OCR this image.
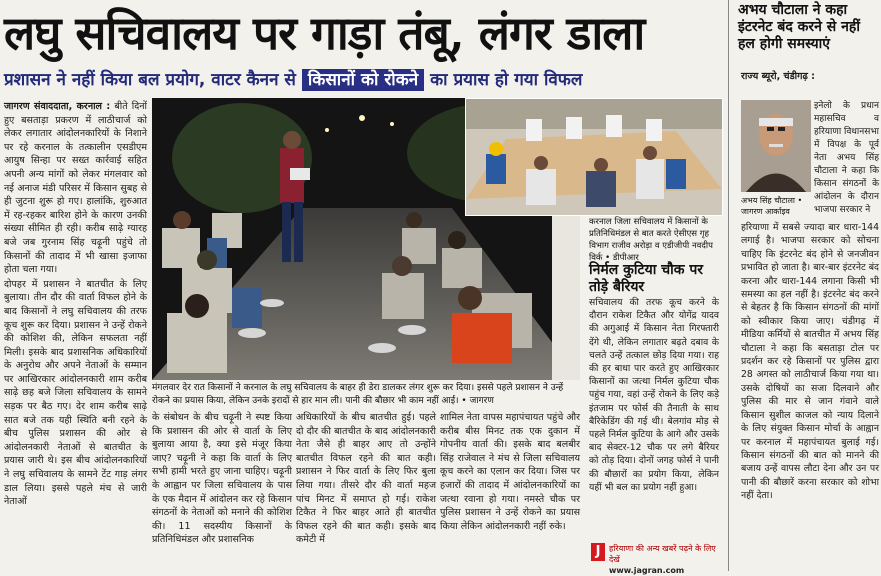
लघु सचिवालय पर गाड़ा तंबू, लंगर डाला
प्रशासन ने नहीं किया बल प्रयोग, वाटर कैनन से किसानों को रोकने का प्रयास हो गया विफल

जागरण संवाददाता, करनाल : बीते दिनों हुए बसताड़ा प्रकरण में लाठीचार्ज को लेकर लगातार आंदोलनकारियों के निशाने पर रहे करनाल के तत्कालीन एसडीएम आयुष सिन्हा पर सख्त कार्रवाई सहित अपनी अन्य मांगों को लेकर मंगलवार को नई अनाज मंडी परिसर में किसान सुबह से ही जुटना शुरू हो गए। हालांकि, शुरुआत में रह-रहकर बारिश होने के कारण उनकी संख्या सीमित ही रही। करीब साढ़े ग्यारह बजे जब गुरनाम सिंह चढ़ूनी पहुंचे तो किसानों की तादाद में भी खासा इजाफा होता चला गया।

दोपहर में प्रशासन ने बातचीत के लिए बुलाया। तीन दौर की वार्ता विफल होने के बाद किसानों ने लघु सचिवालय की तरफ कूच शुरू कर दिया। प्रशासन ने उन्हें रोकने की कोशिश की, लेकिन सफलता नहीं मिली। इसके बाद प्रशासनिक अधिकारियों के अनुरोध और अपने नेताओं के सम्मान पर आखिरकार आंदोलनकारी शाम करीब साढ़े छह बजे जिला सचिवालय के सामने सड़क पर बैठ गए। देर शाम करीब साढ़े सात बजे तक यही स्थिति बनी रहने के बीच पुलिस प्रशासन की ओर से आंदोलनकारी नेताओं से बातचीत के प्रयास जारी थे। इस बीच आंदोलनकारियों ने लघु सचिवालय के सामने टेंट गाड़ लंगर डाल लिया। इससे पहले मंच से जारी नेताओं

मंगलवार देर रात किसानों ने करनाल के लघु सचिवालय के बाहर ही डेरा डालकर लंगर शुरू कर दिया। इससे पहले प्रशासन ने उन्हें रोकने का प्रयास किया, लेकिन उनके इरादों से हार मान ली। पानी की बौछार भी काम नहीं आई। • जागरण
करनाल जिला सचिवालय में किसानों के प्रतिनिधिमंडल से बात करते ऐसीएस गृह विभाग राजीव अरोड़ा व एडीजीपी नवदीप विर्क • डीपीआर
के संबोधन के बीच चढ़ूनी ने स्पष्ट किया कि प्रशासन की ओर से वार्ता के लिए बुलाया आया है, क्या इसे मंजूर किया जाए? चढ़ूनी ने कहा कि वार्ता के लिए सभी हामी भरते हुए जाना चाहिए। चढ़ूनी के आह्वान पर जिला सचिवालय के पास के एक मैदान में आंदोलन कर रहे किसान संगठनों के नेताओं को मनाने की कोशिश की। 11 सदस्यीय किसानों के प्रतिनिधिमंडल और प्रशासनिक
अधिकारियों के बीच बातचीत हुई। पहले दो दौर की बातचीत के बाद आंदोलनकारी नेता जैसे ही बाहर आए तो उन्होंने बातचीत विफल रहने की बात कही। प्रशासन ने फिर वार्ता के लिए फिर बुला लिया गया। तीसरे दौर की वार्ता महज पांच मिनट में समाप्त हो गई। राकेश टिकैत ने फिर बाहर आते ही बातचीत विफल रहने की बात कही। इसके बाद कमेटी में
शामिल नेता वापस महापंचायत पहुंचे और करीब बीस मिनट तक एक दुकान में गोपनीय वार्ता की। इसके बाद बलबीर सिंह राजेवाल ने मंच से जिला सचिवालय कूच करने का एलान कर दिया। जिस पर हजारों की तादाद में आंदोलनकारियों का जत्था रवाना हो गया। नमस्ते चौक पर पुलिस प्रशासन ने उन्हें रोकने का प्रयास किया लेकिन आंदोलनकारी नहीं रुके।
निर्मल कुटिया चौक पर तोड़े बैरियर
सचिवालय की तरफ कूच करने के दौरान राकेश टिकैत और योगेंद्र यादव की अगुआई में किसान नेता गिरफ्तारी देंगे थी, लेकिन लगातार बढ़ते दबाव के चलते उन्हें तत्काल छोड़ दिया गया। राह की हर बाधा पार करते हुए आखिरकार किसानों का जत्था निर्मल कुटिया चौक पहुंच गया, वहां उन्हें रोकने के लिए कड़े इंतजाम पर फोर्स की तैनाती के साथ बैरिकेडिंग की गई थी। बेलगांव मोड़ से पहले निर्मल कुटिया के आगे और उसके बाद सेक्टर-12 चौक पर लगे बैरियर को तोड़ दिया। दोनों जगह फोर्स ने पानी की बौछारों का प्रयोग किया, लेकिन यहीं भी बल का प्रयोग नहीं हुआ।
J	हरियाणा की अन्य खबरें पढ़ने के लिए देखें
www.jagran.com
अभय चौटाला ने कहा इंटरनेट बंद करने से नहीं हल होगी समस्याएं
राज्य ब्यूरो, चंडीगढ़ :
इनेलो के प्रधान महासचिव व हरियाणा विधानसभा में विपक्ष के पूर्व नेता अभय सिंह चौटाला ने कहा कि किसान संगठनों के आंदोलन के दौरान भाजपा सरकार ने
अभय सिंह चौटाला • जागरण आर्काइव
हरियाणा में सबसे ज्यादा बार धारा-144 लगाई है। भाजपा सरकार को सोचना चाहिए कि इंटरनेट बंद होने से जनजीवन प्रभावित हो जाता है। बार-बार इंटरनेट बंद करना और धारा-144 लगाना किसी भी समस्या का हल नहीं है। इंटरनेट बंद करने से बेहतर है कि किसान संगठनों की मांगों को स्वीकार किया जाए। चंडीगढ़ में मीडिया कर्मियों से बातचीत में अभय सिंह चौटाला ने कहा कि बसताड़ा टोल पर प्रदर्शन कर रहे किसानों पर पुलिस द्वारा 28 अगस्त को लाठीचार्ज किया गया था। उसके दोषियों का सजा दिलवाने और पुलिस की मार से जान गंवाने वाले किसान सुशील काजल को न्याय दिलाने के लिए संयुक्त किसान मोर्चा के आह्वान पर करनाल में महापंचायत बुलाई गई। किसान संगठनों की बात को मानने की बजाय उन्हें वापस लौटा देना और उन पर पानी की बौछारें करना सरकार को शोभा नहीं देता।
